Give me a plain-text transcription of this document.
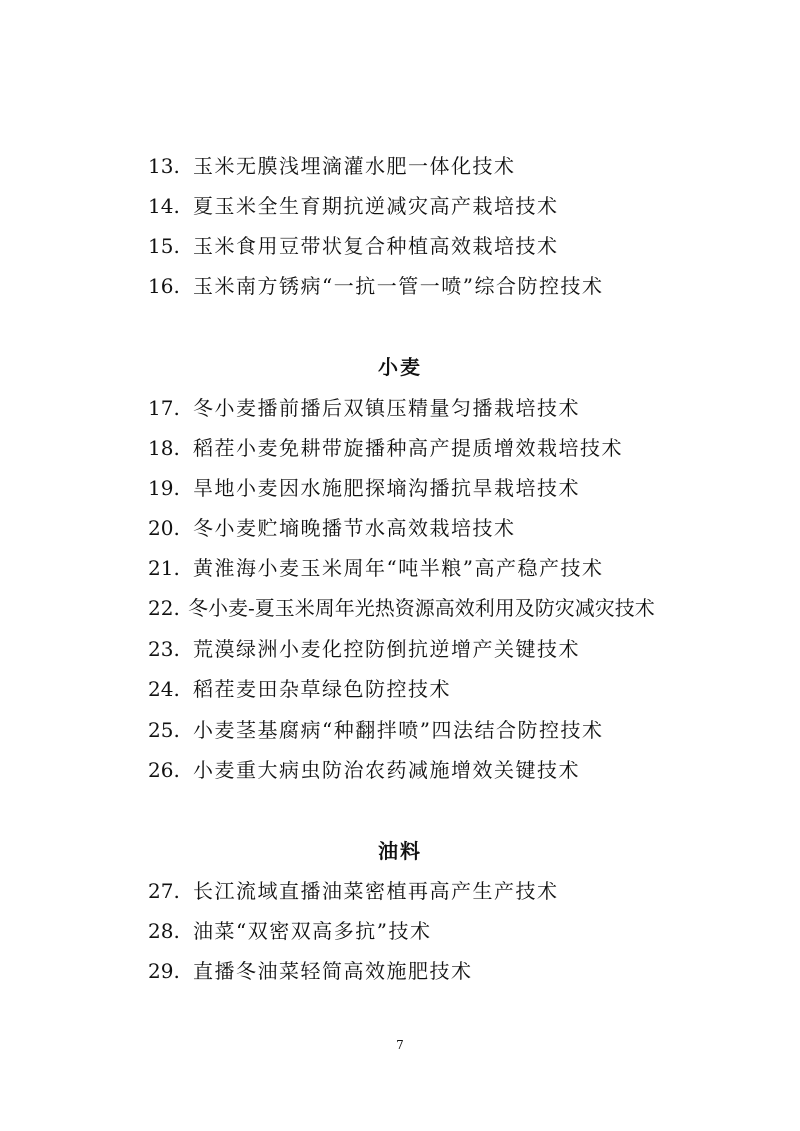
13. 玉米无膜浅埋滴灌水肥一体化技术
14. 夏玉米全生育期抗逆减灾高产栽培技术
15. 玉米食用豆带状复合种植高效栽培技术
16. 玉米南方锈病“一抗一管一喷”综合防控技术
小麦
17. 冬小麦播前播后双镇压精量匀播栽培技术
18. 稻茬小麦免耕带旋播种高产提质增效栽培技术
19. 旱地小麦因水施肥探墒沟播抗旱栽培技术
20. 冬小麦贮墒晚播节水高效栽培技术
21. 黄淮海小麦玉米周年“吨半粮”高产稳产技术
22. 冬小麦-夏玉米周年光热资源高效利用及防灾减灾技术
23. 荒漠绿洲小麦化控防倒抗逆增产关键技术
24. 稻茬麦田杂草绿色防控技术
25. 小麦茎基腐病“种翻拌喷”四法结合防控技术
26. 小麦重大病虫防治农药减施增效关键技术
油料
27. 长江流域直播油菜密植再高产生产技术
28. 油菜“双密双高多抗”技术
29. 直播冬油菜轻简高效施肥技术
7
